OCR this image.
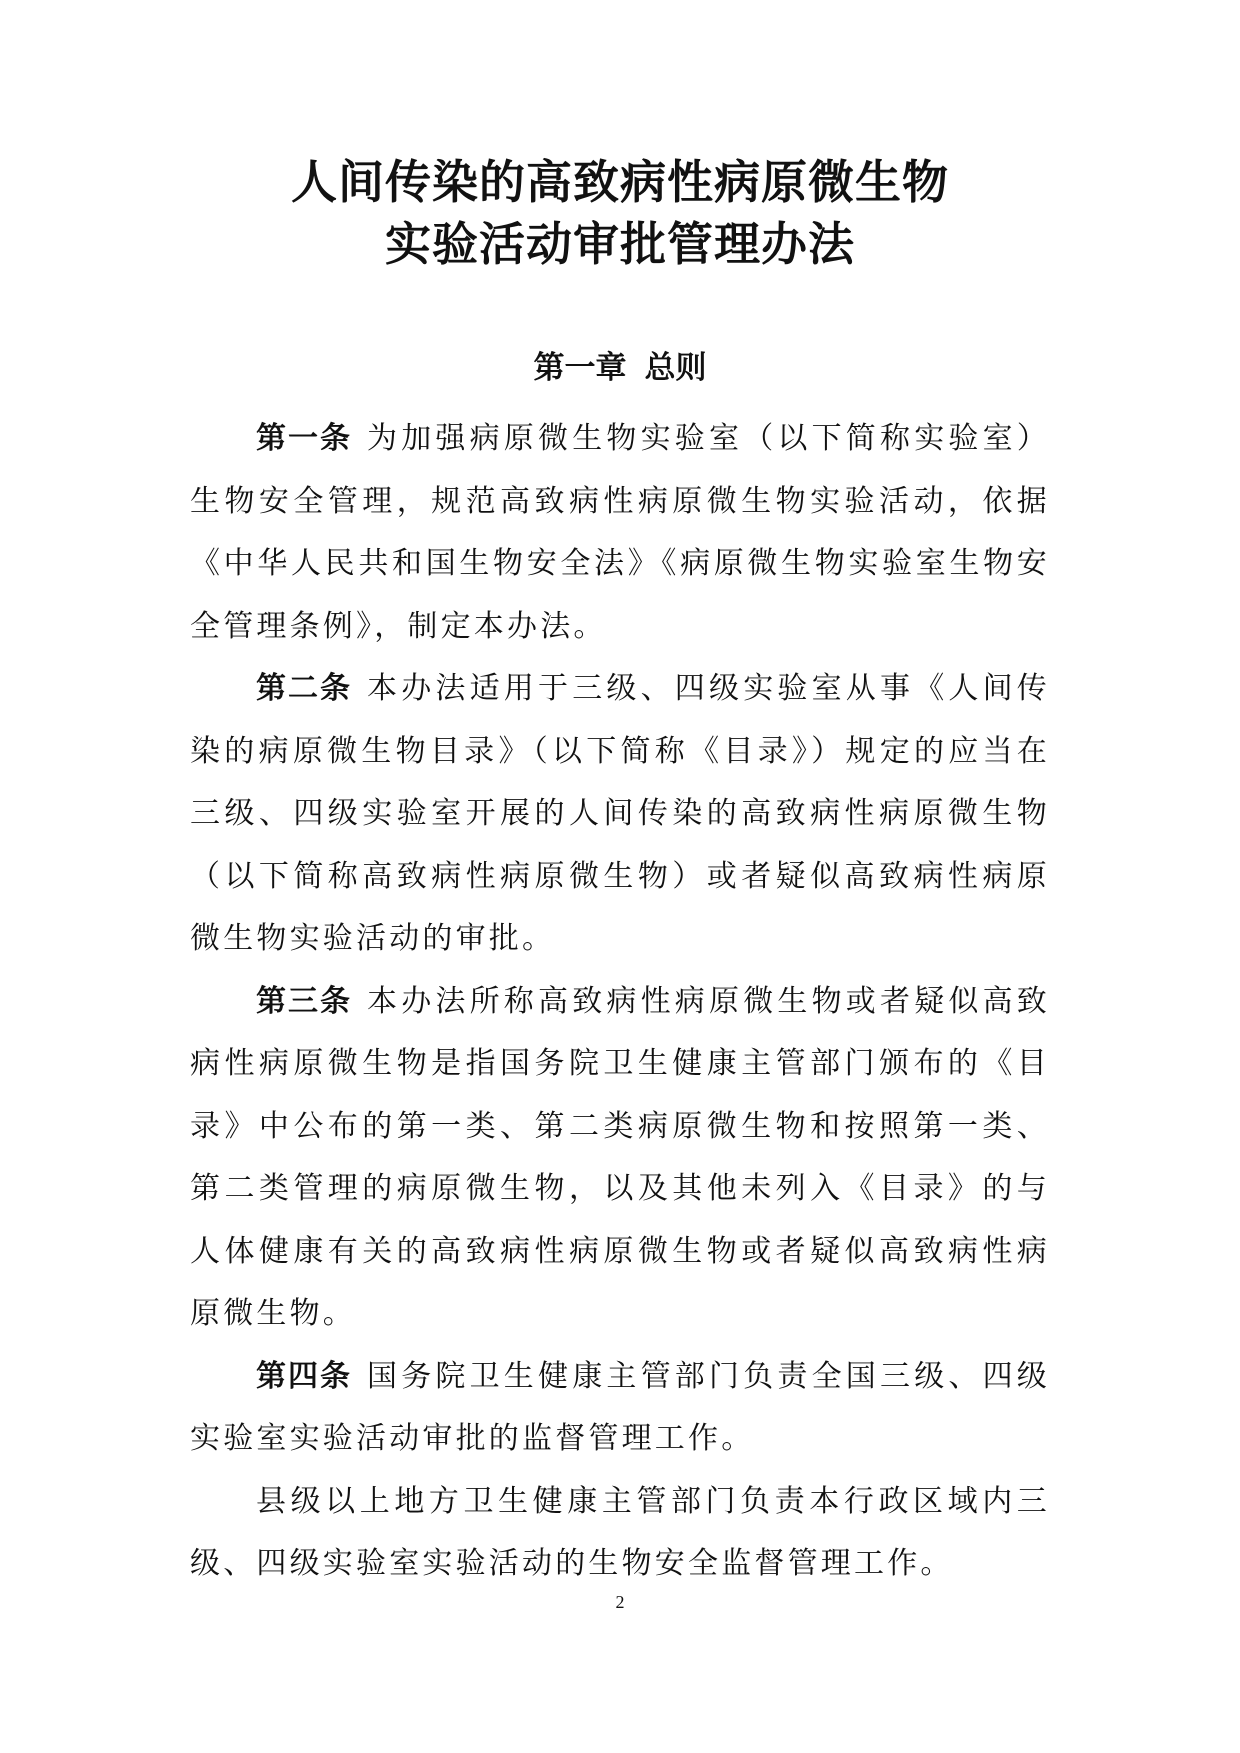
人间传染的高致病性病原微生物
实验活动审批管理办法
第一章 总则

第一条 为加强病原微生物实验室（以下简称实验室）生物安全管理，规范高致病性病原微生物实验活动，依据《中华人民共和国生物安全法》《病原微生物实验室生物安全管理条例》，制定本办法。

第二条 本办法适用于三级、四级实验室从事《人间传染的病原微生物目录》（以下简称《目录》）规定的应当在三级、四级实验室开展的人间传染的高致病性病原微生物（以下简称高致病性病原微生物）或者疑似高致病性病原微生物实验活动的审批。

第三条 本办法所称高致病性病原微生物或者疑似高致病性病原微生物是指国务院卫生健康主管部门颁布的《目录》中公布的第一类、第二类病原微生物和按照第一类、第二类管理的病原微生物，以及其他未列入《目录》的与人体健康有关的高致病性病原微生物或者疑似高致病性病原微生物。

第四条 国务院卫生健康主管部门负责全国三级、四级实验室实验活动审批的监督管理工作。

县级以上地方卫生健康主管部门负责本行政区域内三级、四级实验室实验活动的生物安全监督管理工作。

2
